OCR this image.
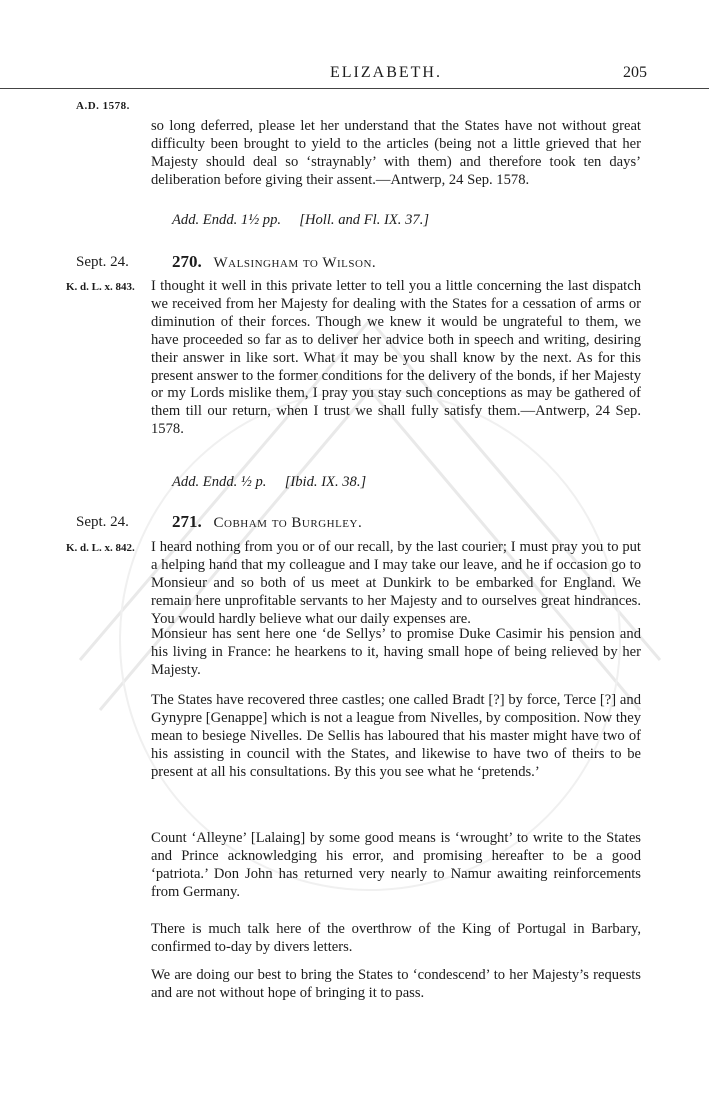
ELIZABETH.	205
A.D. 1578.

so long deferred, please let her understand that the States have not without great difficulty been brought to yield to the articles (being not a little grieved that her Majesty should deal so ‘straynably’ with them) and therefore took ten days’ deliberation before giving their assent.—Antwerp, 24 Sep. 1578.

Add. Endd. 1½ pp. [Holl. and Fl. IX. 37.]
Sept. 24.	270. Walsingham to Wilson.
K. d. L. x. 843. I thought it well in this private letter to tell you a little concerning the last dispatch we received from her Majesty for dealing with the States for a cessation of arms or diminution of their forces. Though we knew it would be ungrateful to them, we have proceeded so far as to deliver her advice both in speech and writing, desiring their answer in like sort. What it may be you shall know by the next. As for this present answer to the former conditions for the delivery of the bonds, if her Majesty or my Lords mislike them, I pray you stay such conceptions as may be gathered of them till our return, when I trust we shall fully satisfy them.—Antwerp, 24 Sep. 1578.

Add. Endd. ½ p. [Ibid. IX. 38.]
Sept. 24.	271. Cobham to Burghley.
K. d. L. x. 842. I heard nothing from you or of our recall, by the last courier; I must pray you to put a helping hand that my colleague and I may take our leave, and he if occasion go to Monsieur and so both of us meet at Dunkirk to be embarked for England. We remain here unprofitable servants to her Majesty and to ourselves great hindrances. You would hardly believe what our daily expenses are.

Monsieur has sent here one ‘de Sellys’ to promise Duke Casimir his pension and his living in France: he hearkens to it, having small hope of being relieved by her Majesty.

The States have recovered three castles; one called Bradt [?] by force, Terce [?] and Gynypre [Genappe] which is not a league from Nivelles, by composition. Now they mean to besiege Nivelles. De Sellis has laboured that his master might have two of his assisting in council with the States, and likewise to have two of theirs to be present at all his consultations. By this you see what he ‘pretends.’

Count ‘Alleyne’ [Lalaing] by some good means is ‘wrought’ to write to the States and Prince acknowledging his error, and promising hereafter to be a good ‘patriota.’ Don John has returned very nearly to Namur awaiting reinforcements from Germany.

There is much talk here of the overthrow of the King of Portugal in Barbary, confirmed to-day by divers letters.

We are doing our best to bring the States to ‘condescend’ to her Majesty’s requests and are not without hope of bringing it to pass.
